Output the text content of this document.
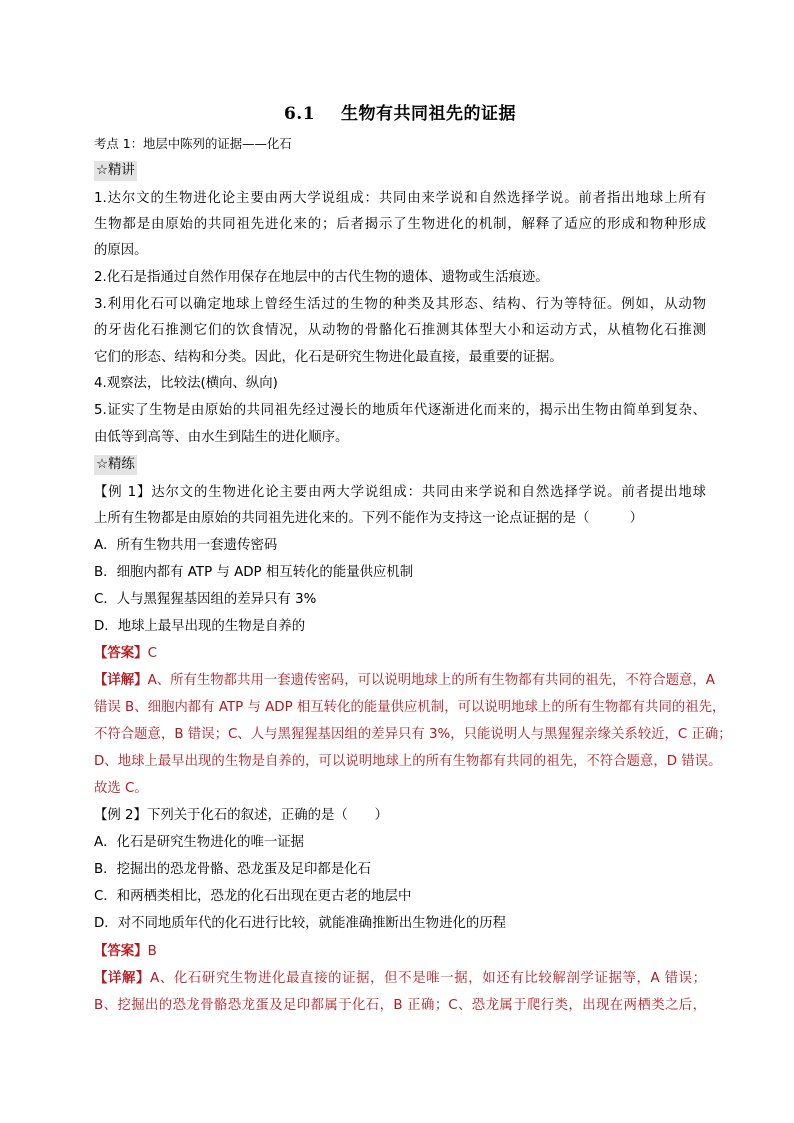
6.1 生物有共同祖先的证据
考点 1：地层中陈列的证据——化石
☆精讲
1.达尔文的生物进化论主要由两大学说组成：共同由来学说和自然选择学说。前者指出地球上所有
生物都是由原始的共同祖先进化来的；后者揭示了生物进化的机制，解释了适应的形成和物种形成
的原因。
2.化石是指通过自然作用保存在地层中的古代生物的遗体、遗物或生活痕迹。
3.利用化石可以确定地球上曾经生活过的生物的种类及其形态、结构、行为等特征。例如，从动物
的牙齿化石推测它们的饮食情况，从动物的骨骼化石推测其体型大小和运动方式，从植物化石推测
它们的形态、结构和分类。因此，化石是研究生物进化最直接，最重要的证据。
4.观察法，比较法(横向、纵向)
5.证实了生物是由原始的共同祖先经过漫长的地质年代逐渐进化而来的，揭示出生物由简单到复杂、
由低等到高等、由水生到陆生的进化顺序。
☆精练
【例 1】达尔文的生物进化论主要由两大学说组成：共同由来学说和自然选择学说。前者提出地球
上所有生物都是由原始的共同祖先进化来的。下列不能作为支持这一论点证据的是（　　　）
A．所有生物共用一套遗传密码
B．细胞内都有 ATP 与 ADP 相互转化的能量供应机制
C．人与黑猩猩基因组的差异只有 3%
D．地球上最早出现的生物是自养的
【答案】C
【详解】A、所有生物都共用一套遗传密码，可以说明地球上的所有生物都有共同的祖先，不符合题意，A
错误 B、细胞内都有 ATP 与 ADP 相互转化的能量供应机制，可以说明地球上的所有生物都有共同的祖先，
不符合题意，B 错误；C、人与黑猩猩基因组的差异只有 3%，只能说明人与黑猩猩亲缘关系较近，C 正确；
D、地球上最早出现的生物是自养的，可以说明地球上的所有生物都有共同的祖先，不符合题意，D 错误。
故选 C。
【例 2】下列关于化石的叙述，正确的是（　　）
A．化石是研究生物进化的唯一证据
B．挖掘出的恐龙骨骼、恐龙蛋及足印都是化石
C．和两栖类相比，恐龙的化石出现在更古老的地层中
D．对不同地质年代的化石进行比较，就能准确推断出生物进化的历程
【答案】B
【详解】A、化石研究生物进化最直接的证据，但不是唯一据，如还有比较解剖学证据等，A 错误；
B、挖掘出的恐龙骨骼恐龙蛋及足印都属于化石，B 正确；C、恐龙属于爬行类，出现在两栖类之后，
